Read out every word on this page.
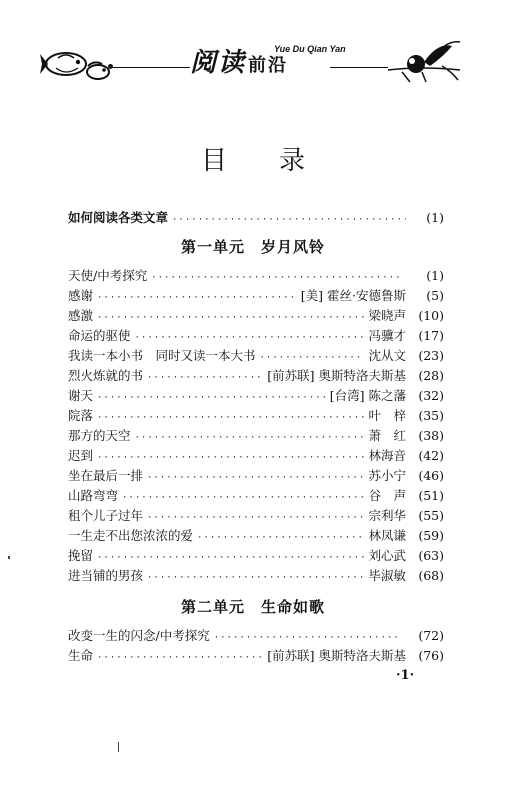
阅读 前沿
Yue Du Qian Yan
目录
如何阅读各类文章 ·····	(1)
第一单元 岁月风铃
天使/中考探究 ·····	(1)
感谢 ·····	[美] 霍丝·安德鲁斯	(5)
感激 ·····	梁晓声 (10)
命运的驱使 ·····	冯骥才 (17)
我读一本小书　同时又读一本大书 ·····	沈从文 (23)
烈火炼就的书 ·····	[前苏联] 奥斯特洛夫斯基 (28)
谢天 ·····	[台湾] 陈之藩 (32)
院落 ·····	叶　梓 (35)
那方的天空 ·····	萧　红 (38)
迟到 ·····	林海音 (42)
坐在最后一排 ·····	苏小宁 (46)
山路弯弯 ·····	谷　声 (51)
租个儿子过年 ·····	宗利华 (55)
一生走不出您浓浓的爱 ·····	林凤谦 (59)
挽留 ·····	刘心武 (63)
进当铺的男孩 ·····	毕淑敏 (68)
第二单元 生命如歌
改变一生的闪念/中考探究 ·····	(72)
生命 ·····	[前苏联] 奥斯特洛夫斯基 (76)
·1·
